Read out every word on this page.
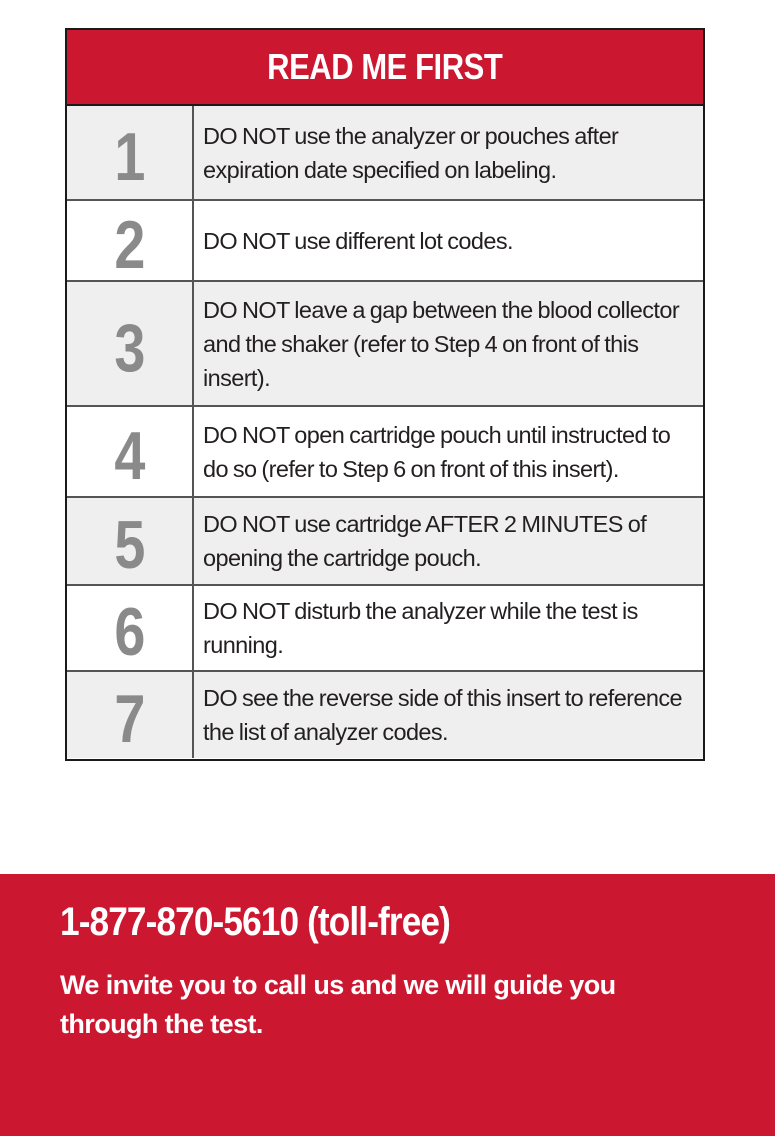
READ ME FIRST
1 DO NOT use the analyzer or pouches after expiration date specified on labeling.
2 DO NOT use different lot codes.
3 DO NOT leave a gap between the blood collector and the shaker (refer to Step 4 on front of this insert).
4 DO NOT open cartridge pouch until instructed to do so (refer to Step 6 on front of this insert).
5 DO NOT use cartridge AFTER 2 MINUTES of opening the cartridge pouch.
6 DO NOT disturb the analyzer while the test is running.
7 DO see the reverse side of this insert to reference the list of analyzer codes.
1-877-870-5610 (toll-free)
We invite you to call us and we will guide you through the test.
